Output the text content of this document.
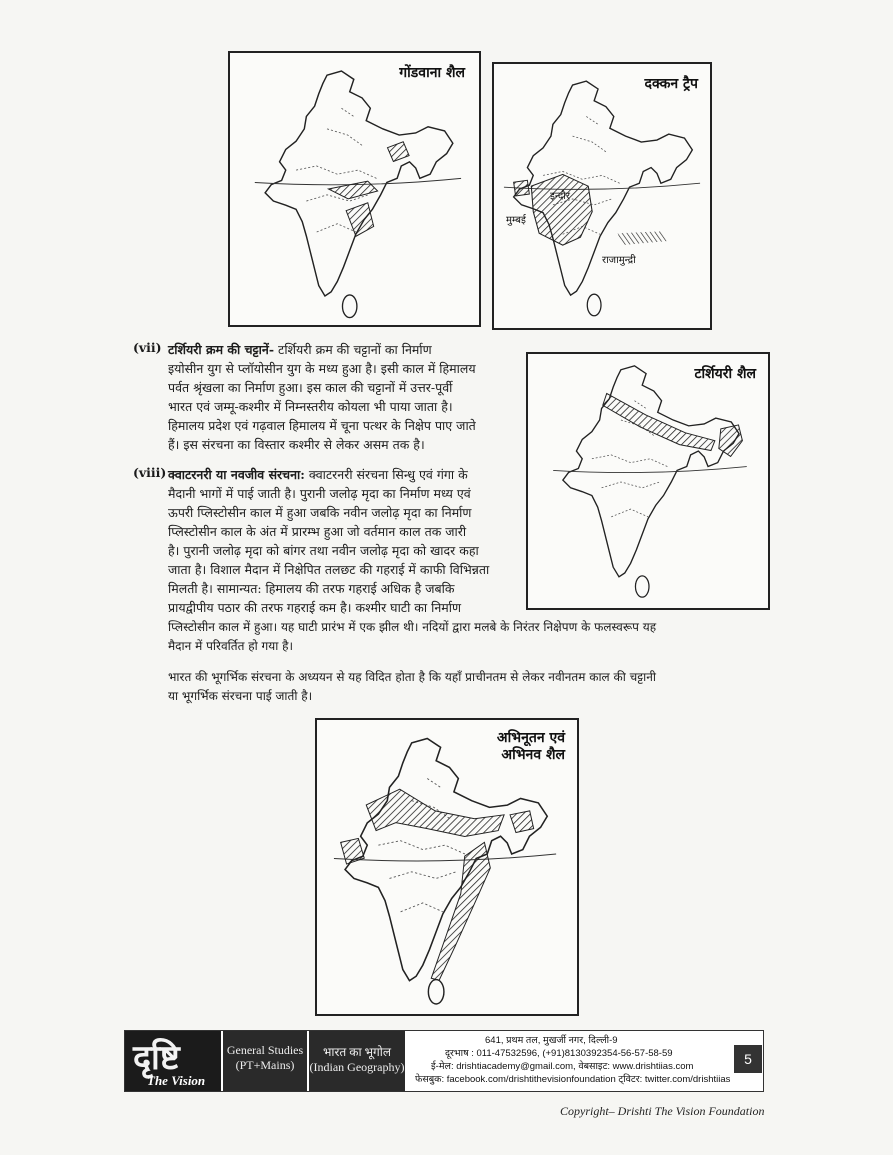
गोंडवाना शैल
दक्कन ट्रैप
इन्दौर
मुम्बई
राजामुन्द्री
टर्शियरी शैल
(vii) टर्शियरी क्रम की चट्टानें- टर्शियरी क्रम की चट्टानों का निर्माण
इयोसीन युग से प्लॉयोसीन युग के मध्य हुआ है। इसी काल में हिमालय
पर्वत श्रृंखला का निर्माण हुआ। इस काल की चट्टानों में उत्तर-पूर्वी
भारत एवं जम्मू-कश्मीर में निम्नस्तरीय कोयला भी पाया जाता है।
हिमालय प्रदेश एवं गढ़वाल हिमालय में चूना पत्थर के निक्षेप पाए जाते
हैं। इस संरचना का विस्तार कश्मीर से लेकर असम तक है।
(viii) क्वाटरनरी या नवजीव संरचना: क्वाटरनरी संरचना सिन्धु एवं गंगा के
मैदानी भागों में पाई जाती है। पुरानी जलोढ़ मृदा का निर्माण मध्य एवं
ऊपरी प्लिस्टोसीन काल में हुआ जबकि नवीन जलोढ़ मृदा का निर्माण
प्लिस्टोसीन काल के अंत में प्रारम्भ हुआ जो वर्तमान काल तक जारी
है। पुरानी जलोढ़ मृदा को बांगर तथा नवीन जलोढ़ मृदा को खादर कहा
जाता है। विशाल मैदान में निक्षेपित तलछट की गहराई में काफी विभिन्नता
मिलती है। सामान्यत: हिमालय की तरफ गहराई अधिक है जबकि
प्रायद्वीपीय पठार की तरफ गहराई कम है। कश्मीर घाटी का निर्माण
प्लिस्टोसीन काल में हुआ। यह घाटी प्रारंभ में एक झील थी। नदियों द्वारा मलबे के निरंतर निक्षेपण के फलस्वरूप यह
मैदान में परिवर्तित हो गया है।
भारत की भूगर्भिक संरचना के अध्ययन से यह विदित होता है कि यहाँ प्राचीनतम से लेकर नवीनतम काल की चट्टानी
या भूगर्भिक संरचना पाई जाती है।
अभिनूतन एवं
अभिनव शैल
दृष्टि
The Vision
General Studies
(PT+Mains)
भारत का भूगोल
(Indian Geography)
641, प्रथम तल, मुखर्जी नगर, दिल्ली-9
दूरभाष : 011-47532596, (+91)8130392354-56-57-58-59
ई-मेल: drishtiacademy@gmail.com, वेबसाइट: www.drishtiias.com
फेसबुक: facebook.com/drishtithevisionfoundation ट्विटर: twitter.com/drishtiias
5
Copyright– Drishti The Vision Foundation
